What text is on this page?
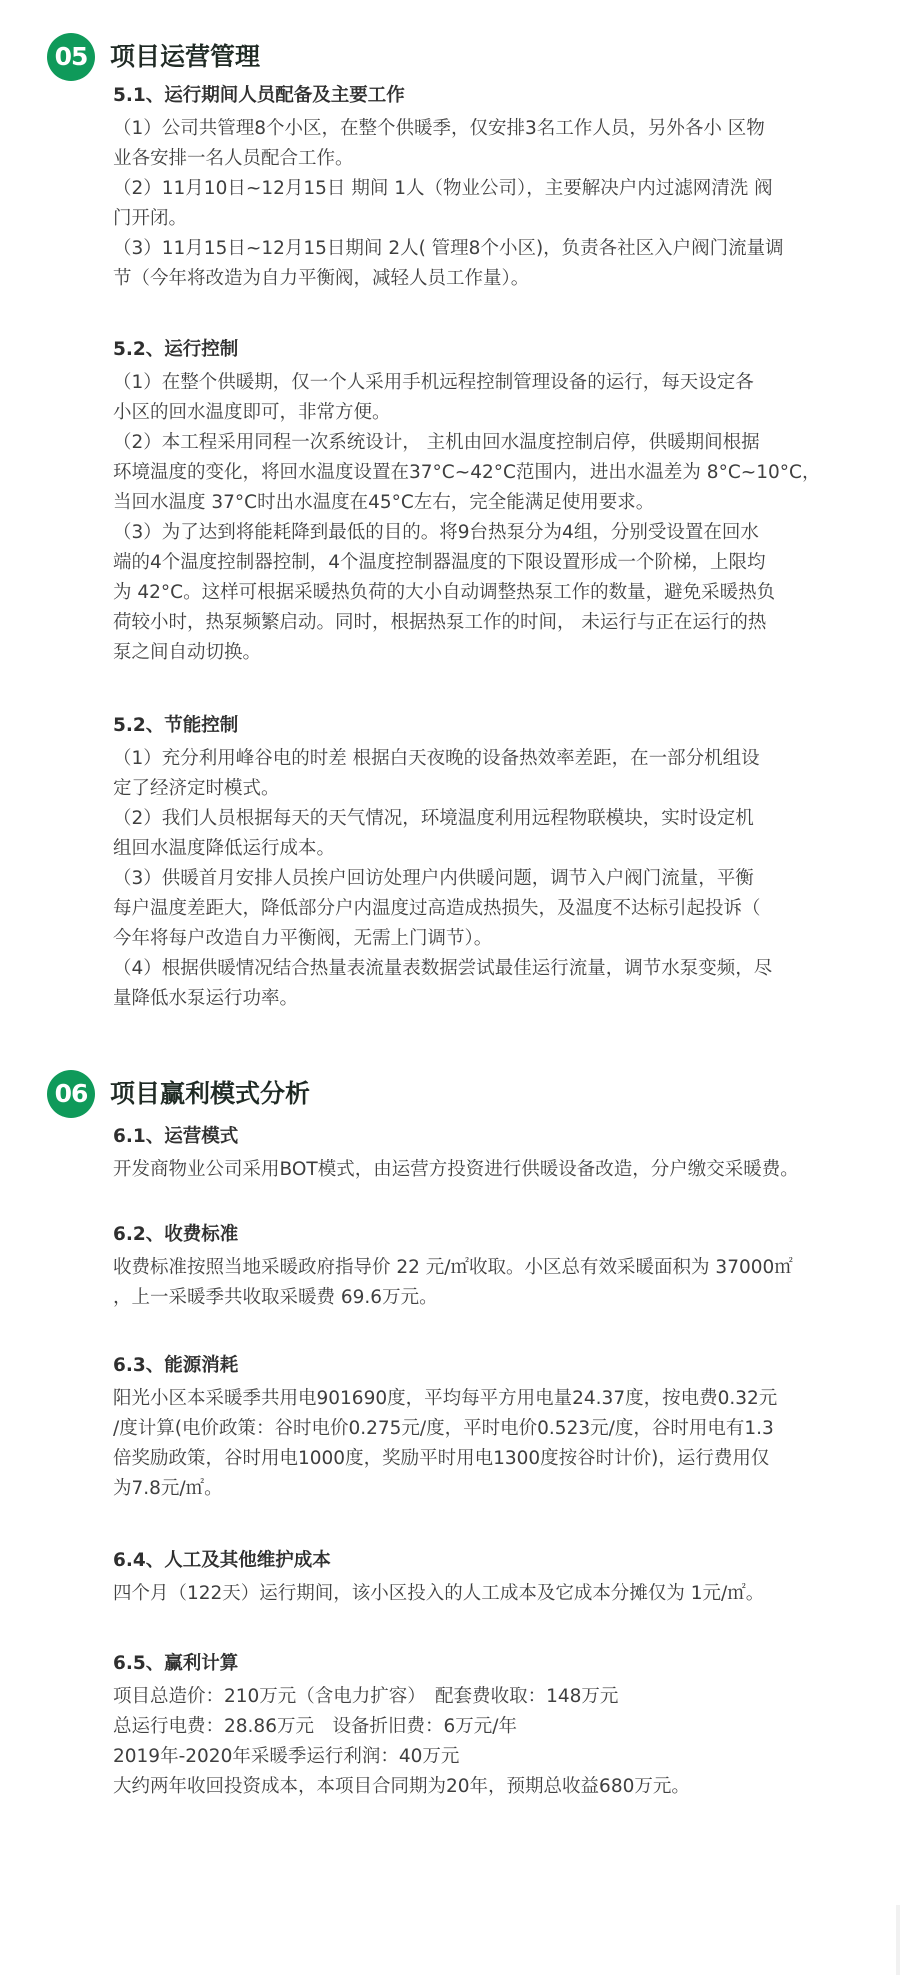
05 项目运营管理
5.1、运行期间人员配备及主要工作
（1）公司共管理8个小区，在整个供暖季，仅安排3名工作人员，另外各小 区物
业各安排一名人员配合工作。
（2）11月10日~12月15日 期间 1人（物业公司），主要解决户内过滤网清洗 阀
门开闭。
（3）11月15日~12月15日期间 2人( 管理8个小区)，负责各社区入户阀门流量调
节（今年将改造为自力平衡阀，减轻人员工作量）。
5.2、运行控制
（1）在整个供暖期，仅一个人采用手机远程控制管理设备的运行，每天设定各
小区的回水温度即可，非常方便。
（2）本工程采用同程一次系统设计， 主机由回水温度控制启停，供暖期间根据
环境温度的变化，将回水温度设置在37°C~42°C范围内，进出水温差为 8°C~10°C，
当回水温度 37°C时出水温度在45°C左右，完全能满足使用要求。
（3）为了达到将能耗降到最低的目的。将9台热泵分为4组，分别受设置在回水
端的4个温度控制器控制，4个温度控制器温度的下限设置形成一个阶梯，上限均
为 42°C。这样可根据采暖热负荷的大小自动调整热泵工作的数量，避免采暖热负
荷较小时，热泵频繁启动。同时，根据热泵工作的时间， 未运行与正在运行的热
泵之间自动切换。
5.2、节能控制
（1）充分利用峰谷电的时差 根据白天夜晚的设备热效率差距，在一部分机组设
定了经济定时模式。
（2）我们人员根据每天的天气情况，环境温度利用远程物联模块，实时设定机
组回水温度降低运行成本。
（3）供暖首月安排人员挨户回访处理户内供暖问题，调节入户阀门流量，平衡
每户温度差距大，降低部分户内温度过高造成热损失，及温度不达标引起投诉（
今年将每户改造自力平衡阀，无需上门调节）。
（4）根据供暖情况结合热量表流量表数据尝试最佳运行流量，调节水泵变频，尽
量降低水泵运行功率。
06 项目赢利模式分析
6.1、运营模式
开发商物业公司采用BOT模式，由运营方投资进行供暖设备改造，分户缴交采暖费。
6.2、收费标准
收费标准按照当地采暖政府指导价 22 元/㎡收取。小区总有效采暖面积为 37000㎡
，上一采暖季共收取采暖费 69.6万元。
6.3、能源消耗
阳光小区本采暖季共用电901690度，平均每平方用电量24.37度，按电费0.32元
/度计算(电价政策：谷时电价0.275元/度，平时电价0.523元/度，谷时用电有1.3
倍奖励政策，谷时用电1000度，奖励平时用电1300度按谷时计价)，运行费用仅
为7.8元/㎡。
6.4、人工及其他维护成本
四个月（122天）运行期间，该小区投入的人工成本及它成本分摊仅为 1元/㎡。
6.5、赢利计算
项目总造价：210万元（含电力扩容）　配套费收取：148万元
总运行电费：28.86万元　设备折旧费：6万元/年
2019年-2020年采暖季运行利润：40万元
大约两年收回投资成本，本项目合同期为20年，预期总收益680万元。
